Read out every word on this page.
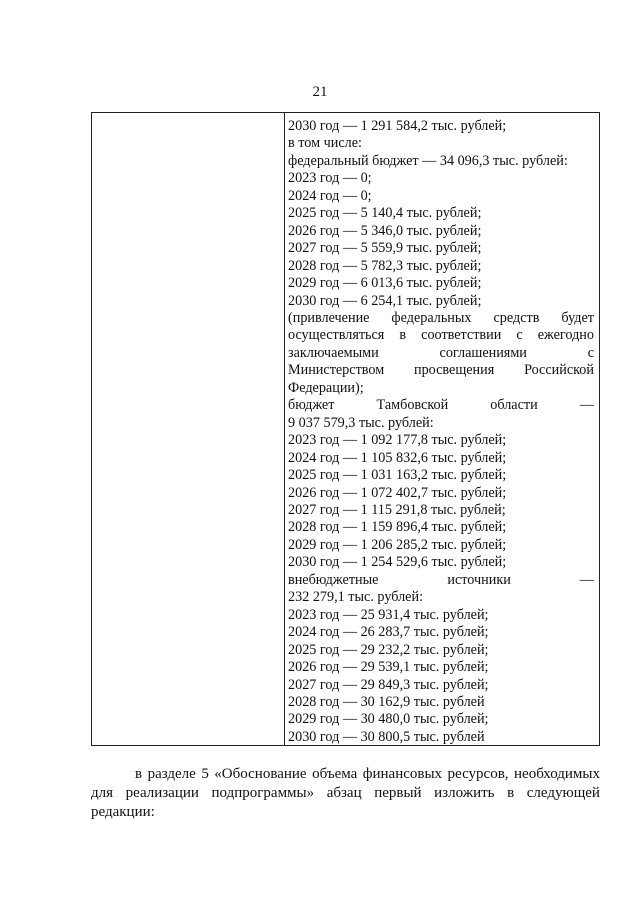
21
2030 год — 1 291 584,2 тыс. рублей;
в том числе:
федеральный бюджет — 34 096,3 тыс. рублей:
2023 год — 0;
2024 год — 0;
2025 год — 5 140,4 тыс. рублей;
2026 год — 5 346,0 тыс. рублей;
2027 год — 5 559,9 тыс. рублей;
2028 год — 5 782,3 тыс. рублей;
2029 год — 6 013,6 тыс. рублей;
2030 год — 6 254,1 тыс. рублей;
(привлечение федеральных средств будет
осуществляться в соответствии с ежегодно
заключаемыми	соглашениями	с
Министерством просвещения Российской
Федерации);
бюджет	Тамбовской	области	—
9 037 579,3 тыс. рублей:
2023 год — 1 092 177,8 тыс. рублей;
2024 год — 1 105 832,6 тыс. рублей;
2025 год — 1 031 163,2 тыс. рублей;
2026 год — 1 072 402,7 тыс. рублей;
2027 год — 1 115 291,8 тыс. рублей;
2028 год — 1 159 896,4 тыс. рублей;
2029 год — 1 206 285,2 тыс. рублей;
2030 год — 1 254 529,6 тыс. рублей;
внебюджетные	источники	—
232 279,1 тыс. рублей:
2023 год — 25 931,4 тыс. рублей;
2024 год — 26 283,7 тыс. рублей;
2025 год — 29 232,2 тыс. рублей;
2026 год — 29 539,1 тыс. рублей;
2027 год — 29 849,3 тыс. рублей;
2028 год — 30 162,9 тыс. рублей
2029 год — 30 480,0 тыс. рублей;
2030 год — 30 800,5 тыс. рублей
в разделе 5 «Обоснование объема финансовых ресурсов, необходимых
для реализации подпрограммы» абзац первый изложить в следующей
редакции:
